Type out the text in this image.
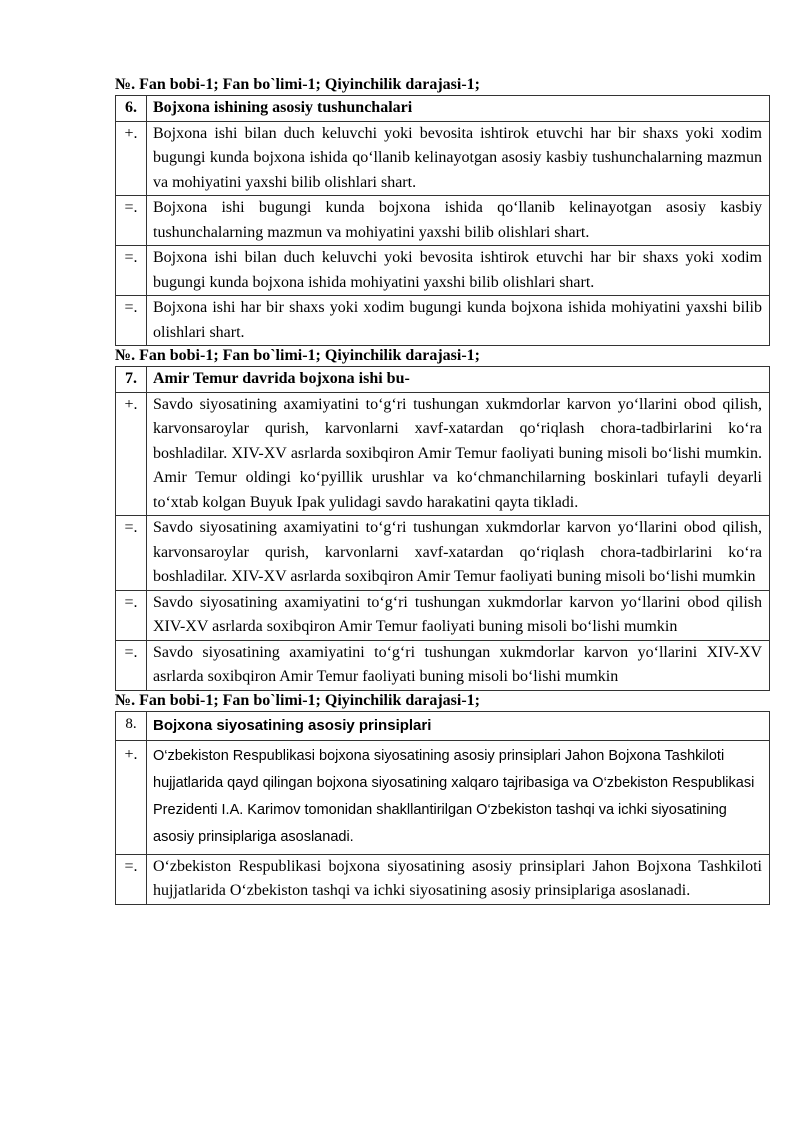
№. Fan bobi-1; Fan bo`limi-1; Qiyinchilik darajasi-1;
6.	Bojxona ishining asosiy tushunchalari
+.	Bojxona ishi bilan duch keluvchi yoki bevosita ishtirok etuvchi har bir shaxs yoki xodim bugungi kunda bojxona ishida qo‘llanib kelinayotgan asosiy kasbiy tushunchalarning mazmun va mohiyatini yaxshi bilib olishlari shart.
=.	Bojxona ishi bugungi kunda bojxona ishida qo‘llanib kelinayotgan asosiy kasbiy tushunchalarning mazmun va mohiyatini yaxshi bilib olishlari shart.
=.	Bojxona ishi bilan duch keluvchi yoki bevosita ishtirok etuvchi har bir shaxs yoki xodim bugungi kunda bojxona ishida mohiyatini yaxshi bilib olishlari shart.
=.	Bojxona ishi har bir shaxs yoki xodim bugungi kunda bojxona ishida mohiyatini yaxshi bilib olishlari shart.
№. Fan bobi-1; Fan bo`limi-1; Qiyinchilik darajasi-1;
7.	Amir Temur davrida bojxona ishi bu-
+.	Savdo siyosatining axamiyatini to‘g‘ri tushungan xukmdorlar karvon yo‘llarini obod qilish, karvonsaroylar qurish, karvonlarni xavf-xatardan qo‘riqlash chora-tadbirlarini ko‘ra boshladilar. XIV-XV asrlarda soxibqiron Amir Temur faoliyati buning misoli bo‘lishi mumkin. Amir Temur oldingi ko‘pyillik urushlar va ko‘chmanchilarning boskinlari tufayli deyarli to‘xtab kolgan Buyuk Ipak yulidagi savdo harakatini qayta tikladi.
=.	Savdo siyosatining axamiyatini to‘g‘ri tushungan xukmdorlar karvon yo‘llarini obod qilish, karvonsaroylar qurish, karvonlarni xavf-xatardan qo‘riqlash chora-tadbirlarini ko‘ra boshladilar. XIV-XV asrlarda soxibqiron Amir Temur faoliyati buning misoli bo‘lishi mumkin
=.	Savdo siyosatining axamiyatini to‘g‘ri tushungan xukmdorlar karvon yo‘llarini obod qilish XIV-XV asrlarda soxibqiron Amir Temur faoliyati buning misoli bo‘lishi mumkin
=.	Savdo siyosatining axamiyatini to‘g‘ri tushungan xukmdorlar karvon yo‘llarini XIV-XV asrlarda soxibqiron Amir Temur faoliyati buning misoli bo‘lishi mumkin
№. Fan bobi-1; Fan bo`limi-1; Qiyinchilik darajasi-1;
8.	Bojxona siyosatining asosiy prinsiplari
+.	O‘zbekiston Respublikasi bojxona siyosatining asosiy prinsiplari Jahon Bojxona Tashkiloti hujjatlarida qayd qilingan bojxona siyosatining xalqaro tajribasiga va O‘zbekiston Respublikasi Prezidenti I.A. Karimov tomonidan shakllantirilgan O‘zbekiston tashqi va ichki siyosatining asosiy prinsiplariga asoslanadi.
=.	O‘zbekiston Respublikasi bojxona siyosatining asosiy prinsiplari Jahon Bojxona Tashkiloti hujjatlarida O‘zbekiston tashqi va ichki siyosatining asosiy prinsiplariga asoslanadi.
